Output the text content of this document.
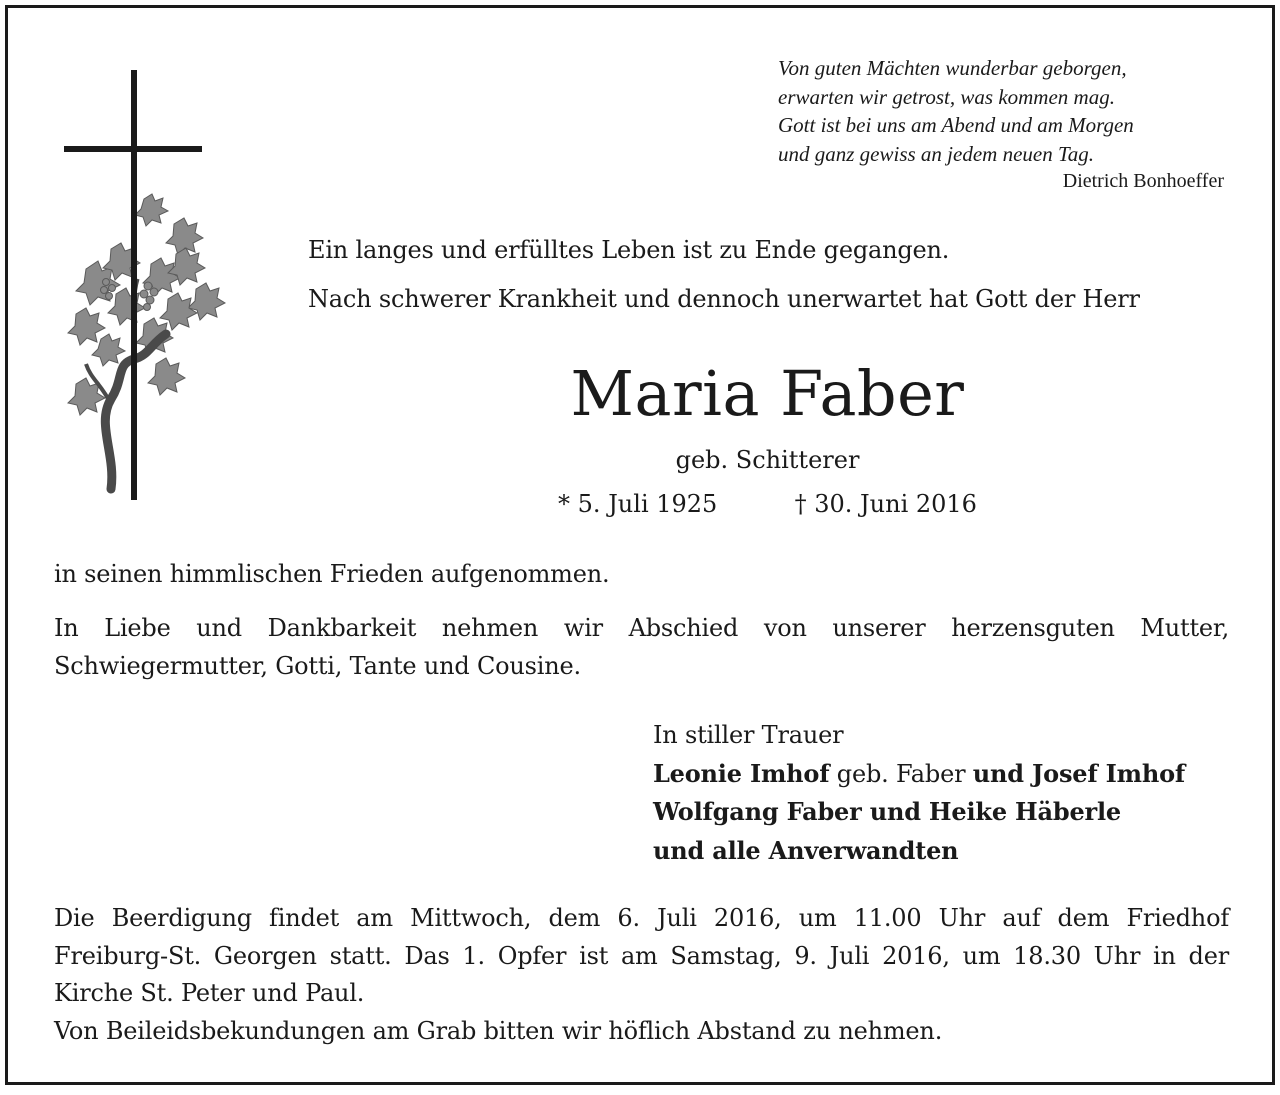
Von guten Mächten wunderbar geborgen,
erwarten wir getrost, was kommen mag.
Gott ist bei uns am Abend und am Morgen
und ganz gewiss an jedem neuen Tag.
Dietrich Bonhoeffer
Ein langes und erfülltes Leben ist zu Ende gegangen.
Nach schwerer Krankheit und dennoch unerwartet hat Gott der Herr
Maria Faber
geb. Schitterer
* 5. Juli 1925	† 30. Juni 2016
in seinen himmlischen Frieden aufgenommen.
In Liebe und Dankbarkeit nehmen wir Abschied von unserer herzensguten Mutter, Schwiegermutter, Gotti, Tante und Cousine.
In stiller Trauer
Leonie Imhof geb. Faber und Josef Imhof
Wolfgang Faber und Heike Häberle
und alle Anverwandten
Die Beerdigung findet am Mittwoch, dem 6. Juli 2016, um 11.00 Uhr auf dem Friedhof
Freiburg-St. Georgen statt. Das 1. Opfer ist am Samstag, 9. Juli 2016, um 18.30 Uhr in der
Kirche St. Peter und Paul.
Von Beileidsbekundungen am Grab bitten wir höflich Abstand zu nehmen.
